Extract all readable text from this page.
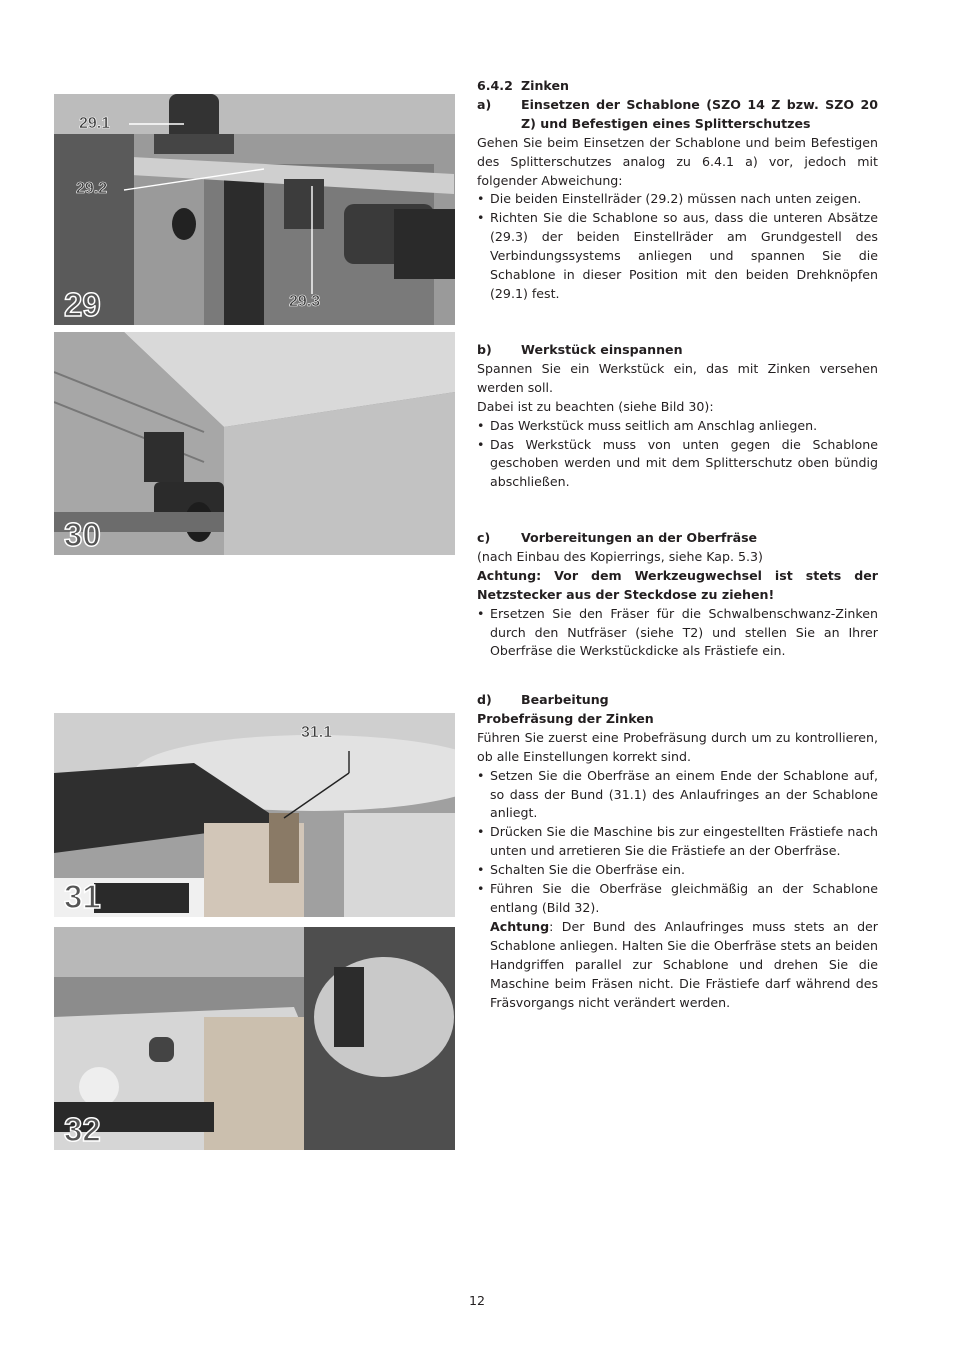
29.1
29.2
29.3
29
30
31.1
31
32
6.4.2 Zinken
a)	Einsetzen der Schablone (SZO 14 Z bzw. SZO 20 Z) und Befestigen eines Splitterschutzes

Gehen Sie beim Einsetzen der Schablone und beim Befestigen des Splitterschutzes analog zu 6.4.1 a) vor, jedoch mit folgender Abweichung:

• Die beiden Einstellräder (29.2) müssen nach unten zeigen.
• Richten Sie die Schablone so aus, dass die unteren Absätze (29.3) der beiden Einstellräder am Grundgestell des Verbindungssystems anliegen und spannen Sie die Schablone in dieser Position mit den beiden Drehknöpfen (29.1) fest.
b)	Werkstück einspannen

Spannen Sie ein Werkstück ein, das mit Zinken versehen werden soll.

Dabei ist zu beachten (siehe Bild 30):

• Das Werkstück muss seitlich am Anschlag anliegen.
• Das Werkstück muss von unten gegen die Schablone geschoben werden und mit dem Splitterschutz oben bündig abschließen.
c)	Vorbereitungen an der Oberfräse

(nach Einbau des Kopierrings, siehe Kap. 5.3)

Achtung: Vor dem Werkzeugwechsel ist stets der Netzstecker aus der Steckdose zu ziehen!

• Ersetzen Sie den Fräser für die Schwalbenschwanz-Zinken durch den Nutfräser (siehe T2) und stellen Sie an Ihrer Oberfräse die Werkstückdicke als Frästiefe ein.
d)	Bearbeitung

Probefräsung der Zinken

Führen Sie zuerst eine Probefräsung durch um zu kontrollieren, ob alle Einstellungen korrekt sind.

• Setzen Sie die Oberfräse an einem Ende der Schablone auf, so dass der Bund (31.1) des Anlaufringes an der Schablone anliegt.
• Drücken Sie die Maschine bis zur eingestellten Frästiefe nach unten und arretieren Sie die Frästiefe an der Oberfräse.
• Schalten Sie die Oberfräse ein.
• Führen Sie die Oberfräse gleichmäßig an der Schablone entlang (Bild 32).
Achtung: Der Bund des Anlaufringes muss stets an der Schablone anliegen. Halten Sie die Oberfräse stets an beiden Handgriffen parallel zur Schablone und drehen Sie die Maschine beim Fräsen nicht. Die Frästiefe darf während des Fräsvorgangs nicht verändert werden.
12
